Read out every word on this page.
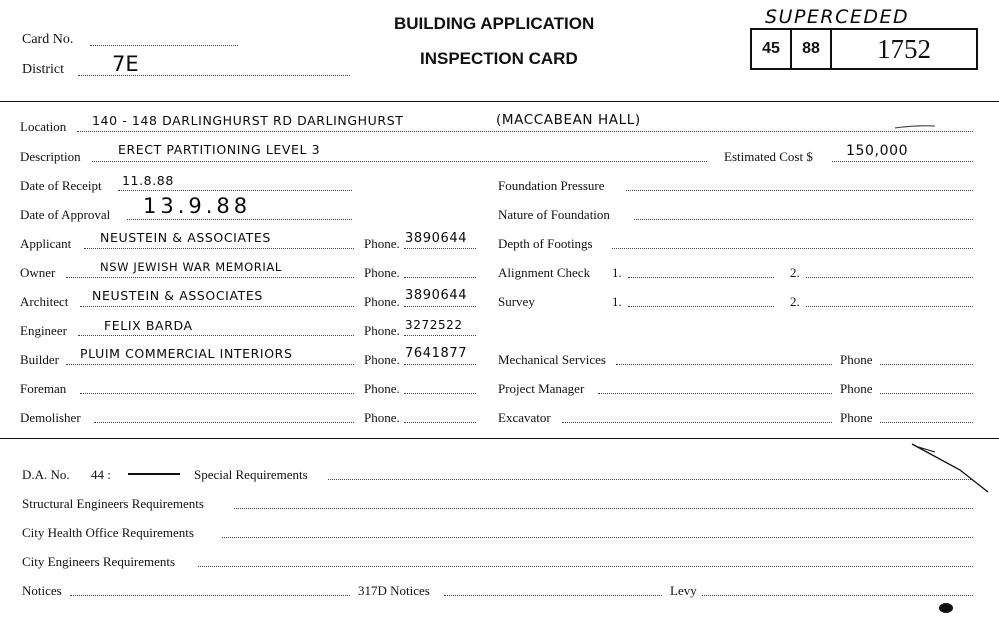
Card No.
District 7E
BUILDING APPLICATION
INSPECTION CARD
SUPERCEDED
45 88 1752
Location 140 - 148 DARLINGHURST RD DARLINGHURST	(MACCABEAN HALL)
Description	ERECT PARTITIONING LEVEL 3	Estimated Cost $ 150,000
Date of Receipt 11.8.88
Date of Approval 13.9.88
Applicant NEUSTEIN & ASSOCIATES	Phone. 3890644
Owner	NSW JEWISH WAR MEMORIAL	Phone.
Architect NEUSTEIN & ASSOCIATES	Phone. 3890644
Engineer	FELIX BARDA	Phone. 3272522
Builder PLUIM COMMERCIAL INTERIORS	Phone. 7641877
Foreman	Phone.
Demolisher	Phone.
Foundation Pressure
Nature of Foundation
Depth of Footings
Alignment Check 1.	2.
Survey	1.	2.
Mechanical Services	Phone
Project Manager	Phone
Excavator	Phone
D.A. No. 44 :	Special Requirements
Structural Engineers Requirements
City Health Office Requirements
City Engineers Requirements
Notices	317D Notices	Levy
